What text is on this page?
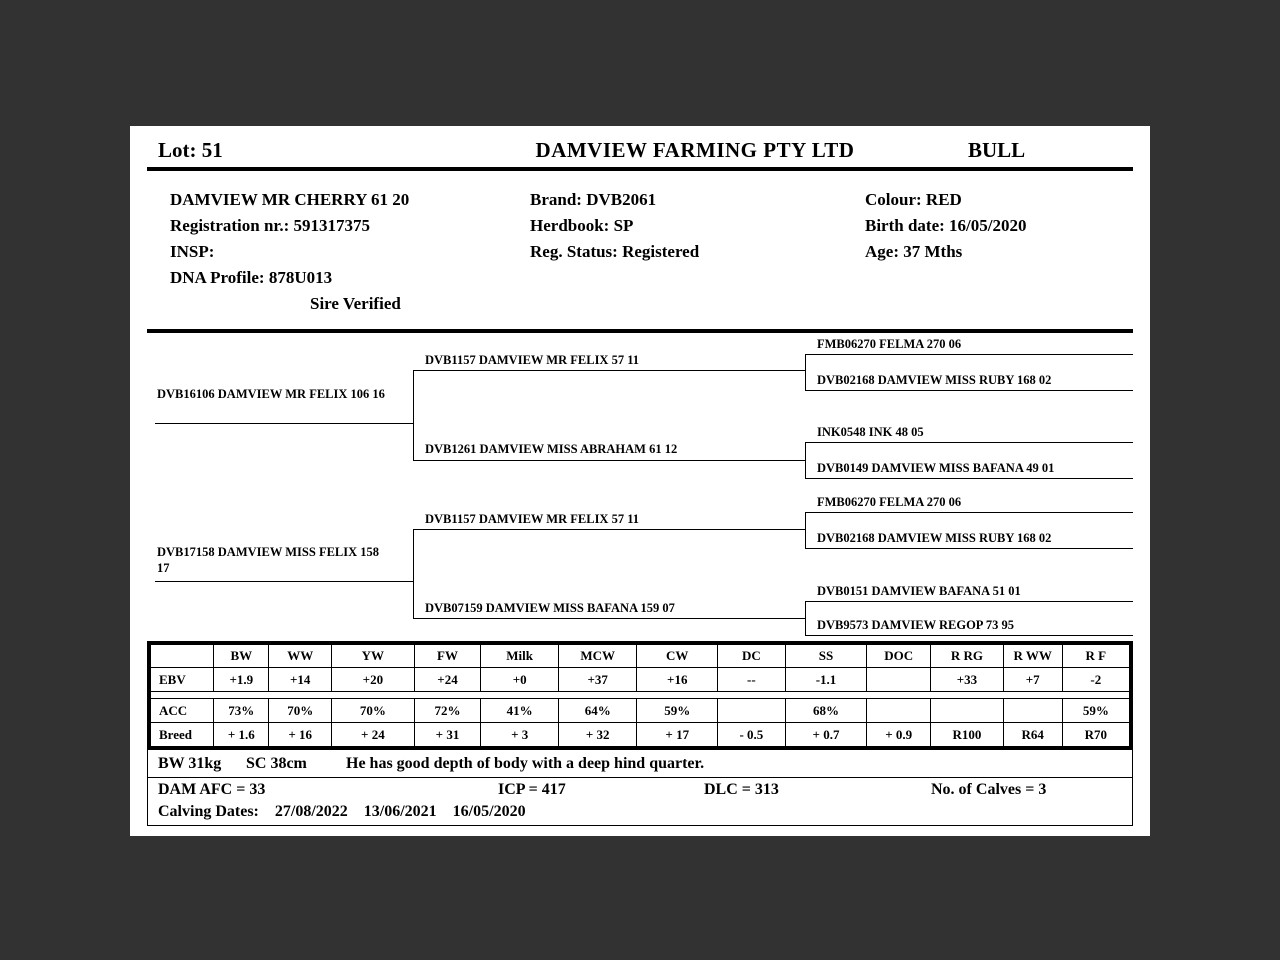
Lot: 51	DAMVIEW FARMING PTY LTD	BULL
DAMVIEW MR CHERRY 61 20
Registration nr.: 591317375
INSP:
DNA Profile: 878U013
Sire Verified
Brand: DVB2061
Herdbook: SP
Reg. Status: Registered
Colour: RED
Birth date: 16/05/2020
Age: 37 Mths
DVB16106 DAMVIEW MR FELIX 106 16
DVB17158 DAMVIEW MISS FELIX 158 17
DVB1157 DAMVIEW MR FELIX 57 11
DVB1261 DAMVIEW MISS ABRAHAM 61 12
DVB1157 DAMVIEW MR FELIX 57 11
DVB07159 DAMVIEW MISS BAFANA 159 07
FMB06270 FELMA 270 06
DVB02168 DAMVIEW MISS RUBY 168 02
INK0548 INK 48 05
DVB0149 DAMVIEW MISS BAFANA 49 01
FMB06270 FELMA 270 06
DVB02168 DAMVIEW MISS RUBY 168 02
DVB0151 DAMVIEW BAFANA 51 01
DVB9573 DAMVIEW REGOP 73 95
	BW	WW	YW	FW	Milk	MCW	CW	DC	SS	DOC	R RG	R WW	R F
EBV	+1.9	+14	+20	+24	+0	+37	+16	--	-1.1		+33	+7	-2

ACC	73%	70%	70%	72%	41%	64%	59%		68%				59%
Breed	+ 1.6	+ 16	+ 24	+ 31	+ 3	+ 32	+ 17	- 0.5	+ 0.7	+ 0.9	R100	R64	R70
BW 31kg SC 38cm He has good depth of body with a deep hind quarter.
DAM AFC = 33	ICP = 417	DLC = 313	No. of Calves = 3
Calving Dates: 27/08/2022 13/06/2021 16/05/2020
